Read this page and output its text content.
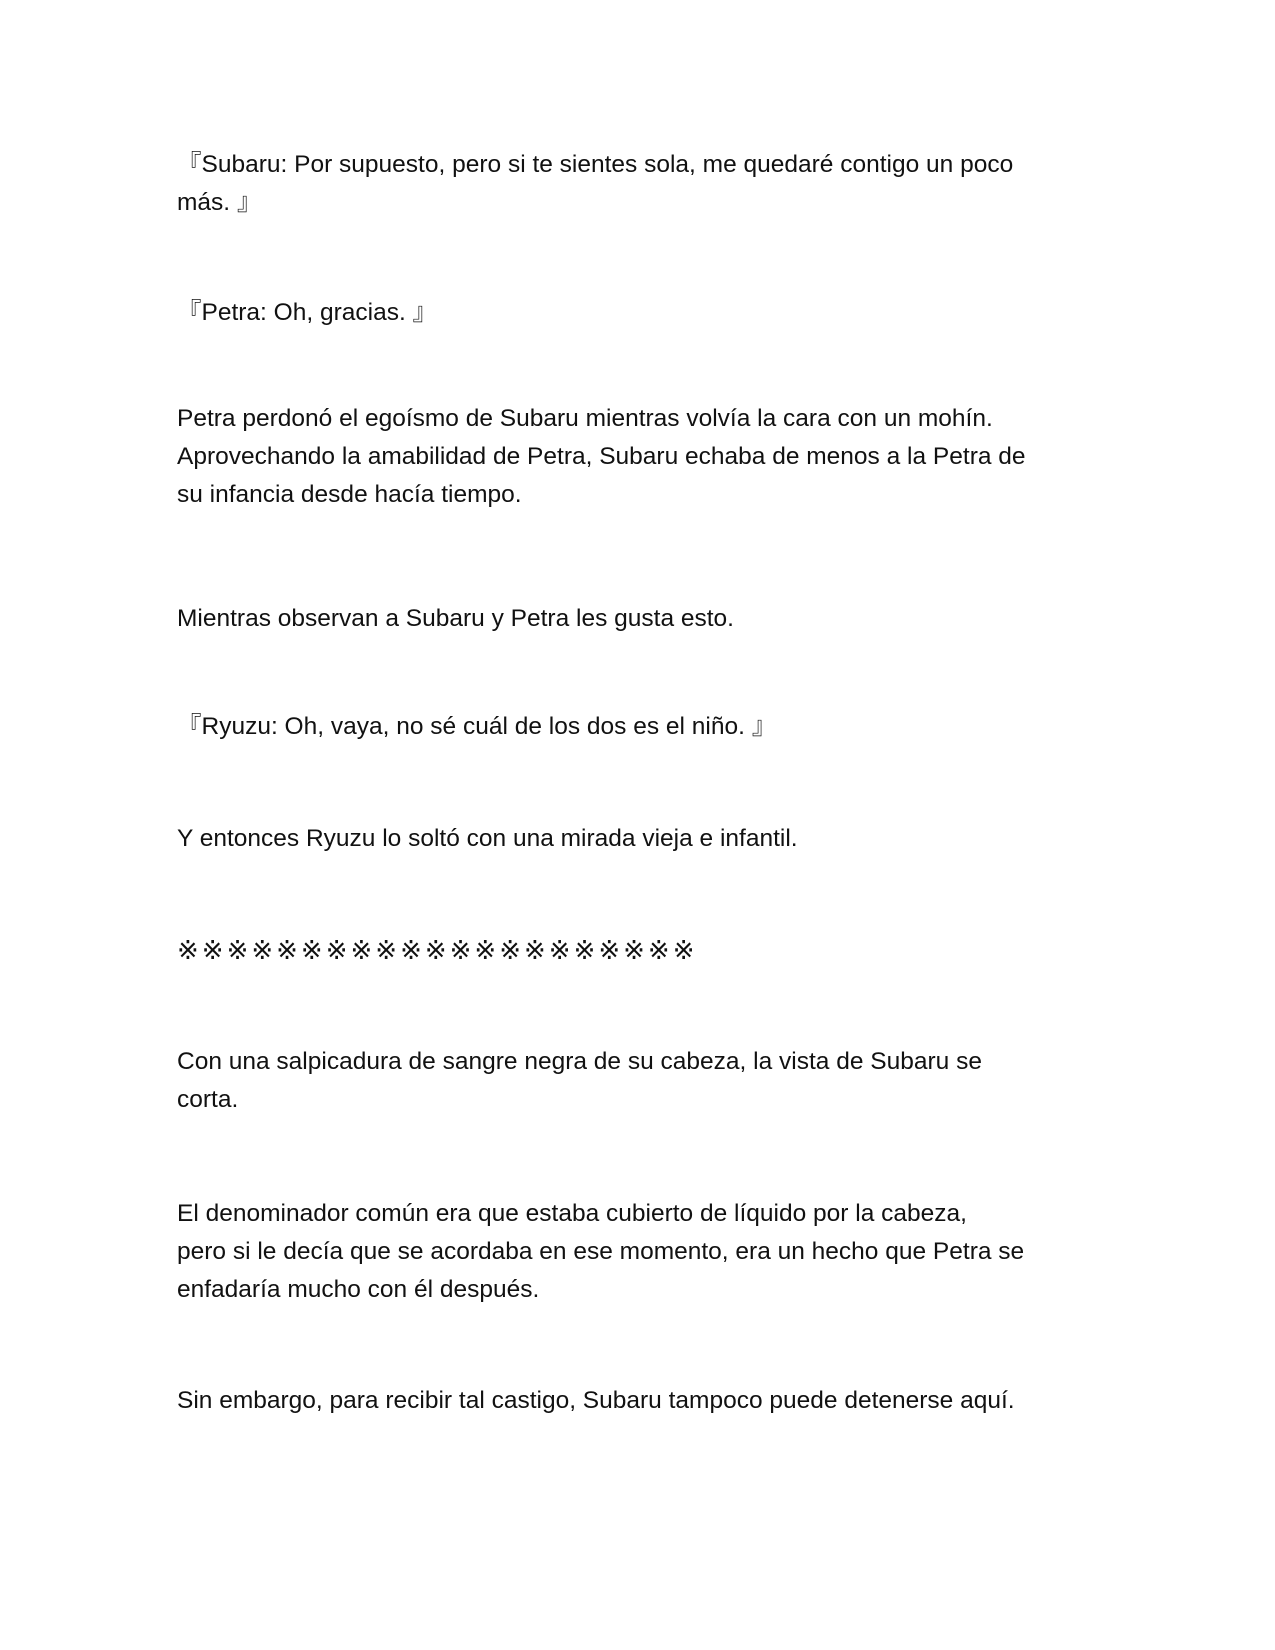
『Subaru: Por supuesto, pero si te sientes sola, me quedaré contigo un poco
más. 』

『Petra: Oh, gracias. 』

Petra perdonó el egoísmo de Subaru mientras volvía la cara con un mohín.
Aprovechando la amabilidad de Petra, Subaru echaba de menos a la Petra de
su infancia desde hacía tiempo.

Mientras observan a Subaru y Petra les gusta esto.

『Ryuzu: Oh, vaya, no sé cuál de los dos es el niño. 』

Y entonces Ryuzu lo soltó con una mirada vieja e infantil.

※※※※※※※※※※※※※※※※※※※※※

Con una salpicadura de sangre negra de su cabeza, la vista de Subaru se
corta.

El denominador común era que estaba cubierto de líquido por la cabeza,
pero si le decía que se acordaba en ese momento, era un hecho que Petra se
enfadaría mucho con él después.

Sin embargo, para recibir tal castigo, Subaru tampoco puede detenerse aquí.
